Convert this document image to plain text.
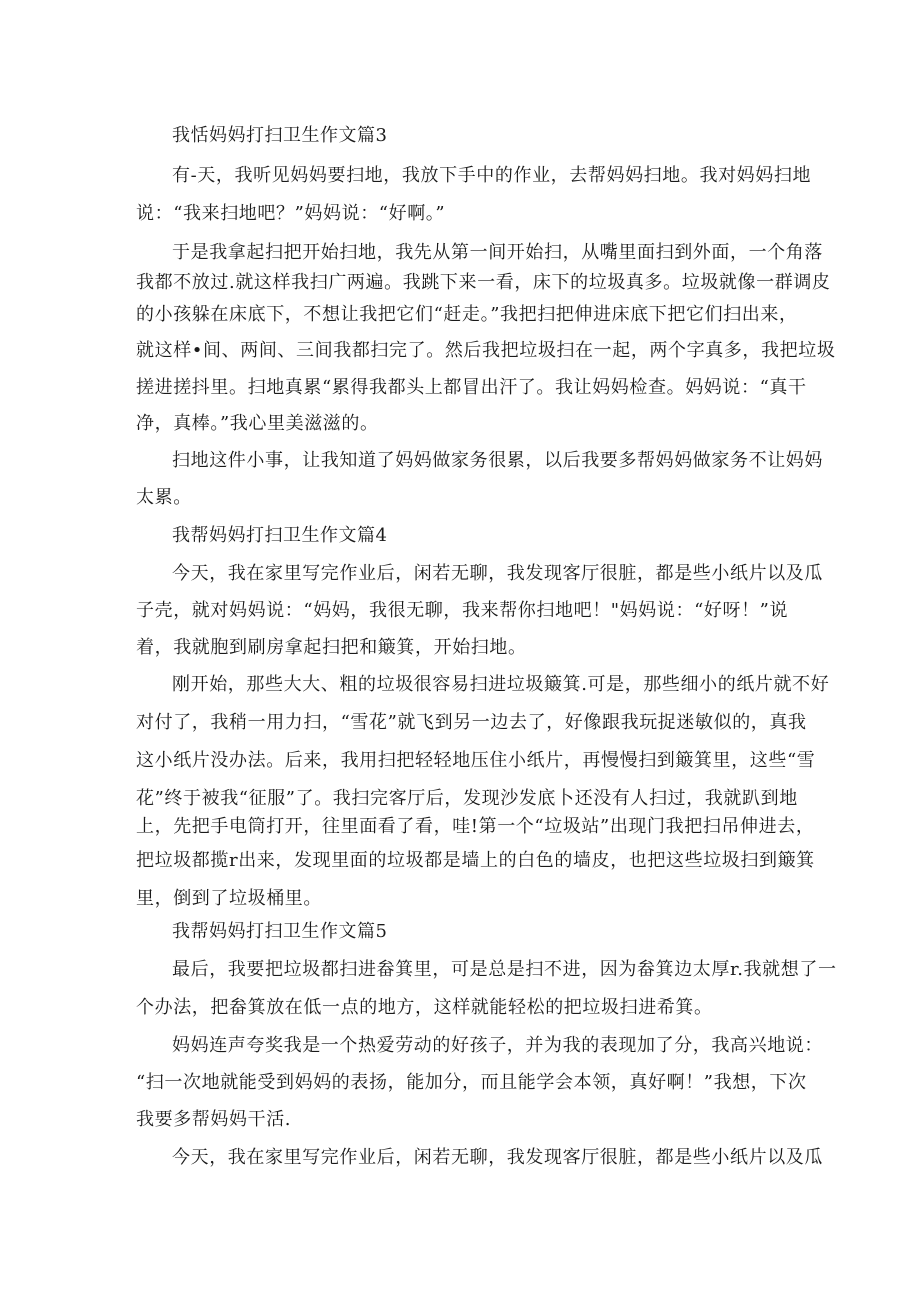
我恬妈妈打扫卫生作文篇3
有-天，我听见妈妈要扫地，我放下手中的作业，去帮妈妈扫地。我对妈妈扫地
说：“我来扫地吧？”妈妈说：“好啊。”
于是我拿起扫把开始扫地，我先从第一间开始扫，从嘴里面扫到外面，一个角落
我都不放过.就这样我扫广两遍。我跳下来一看，床下的垃圾真多。垃圾就像一群调皮
的小孩躲在床底下，不想让我把它们“赶走。”我把扫把伸进床底下把它们扫出来，
就这样•间、两间、三间我都扫完了。然后我把垃圾扫在一起，两个字真多，我把垃圾
搓进搓抖里。扫地真累“累得我都头上都冒出汗了。我让妈妈检查。妈妈说：“真干
净，真棒。”我心里美滋滋的。
扫地这件小事，让我知道了妈妈做家务很累，以后我要多帮妈妈做家务不让妈妈
太累。
我帮妈妈打扫卫生作文篇4
今天，我在家里写完作业后，闲若无聊，我发现客厅很脏，都是些小纸片以及瓜
子壳，就对妈妈说：“妈妈，我很无聊，我来帮你扫地吧！"妈妈说：“好呀！”说
着，我就胞到刷房拿起扫把和簸箕，开始扫地。
刚开始，那些大大、粗的垃圾很容易扫进垃圾簸箕.可是，那些细小的纸片就不好
对付了，我稍一用力扫，“雪花”就飞到另一边去了，好像跟我玩捉迷敏似的，真我
这小纸片没办法。后来，我用扫把轻轻地压住小纸片，再慢慢扫到簸箕里，这些“雪
花”终于被我“征服”了。我扫完客厅后，发现沙发底卜还没有人扫过，我就趴到地
上，先把手电筒打开，往里面看了看，哇!第一个“垃圾站”出现门我把扫吊伸进去，
把垃圾都揽r出来，发现里面的垃圾都是墙上的白色的墙皮，也把这些垃圾扫到簸箕
里，倒到了垃圾桶里。
我帮妈妈打扫卫生作文篇5
最后，我要把垃圾都扫进畚箕里，可是总是扫不进，因为畚箕边太厚r.我就想了一
个办法，把畚箕放在低一点的地方，这样就能轻松的把垃圾扫进希箕。
妈妈连声夸奖我是一个热爱劳动的好孩子，并为我的表现加了分，我高兴地说：
“扫一次地就能受到妈妈的表扬，能加分，而且能学会本领，真好啊！”我想，下次
我要多帮妈妈干活.
今天，我在家里写完作业后，闲若无聊，我发现客厅很脏，都是些小纸片以及瓜
